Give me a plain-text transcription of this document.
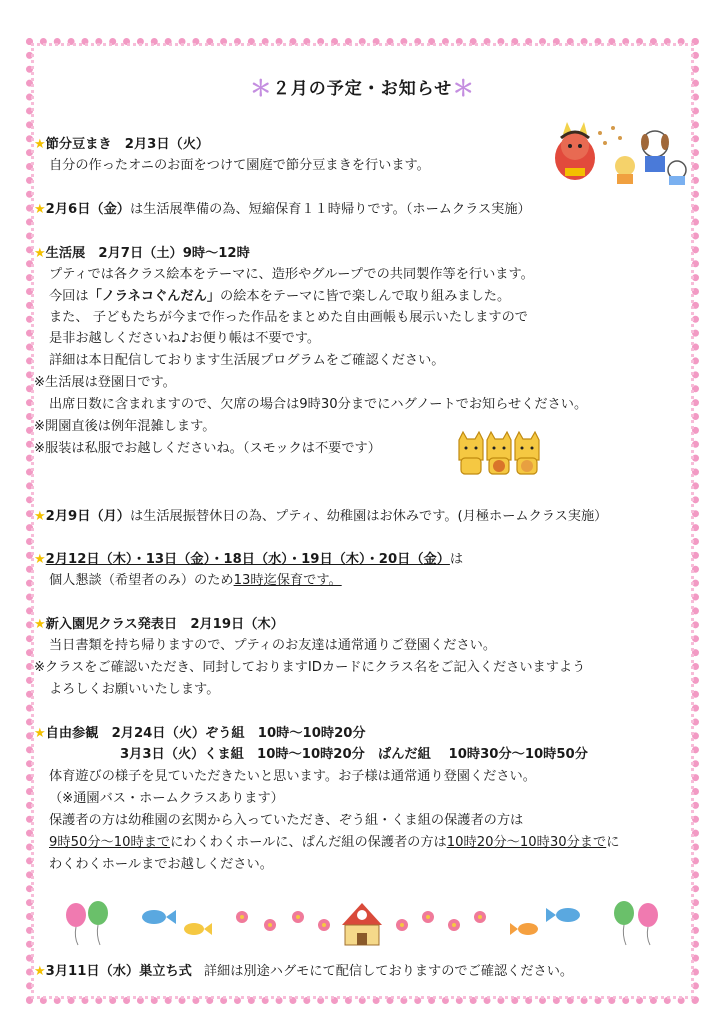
＊２月の予定・お知らせ＊
★節分豆まき　2月3日（火）
自分の作ったオニのお面をつけて園庭で節分豆まきを行います。
★2月6日（金）は生活展準備の為、短縮保育１１時帰りです。（ホームクラス実施）
★生活展　2月7日（土）9時〜12時
プティでは各クラス絵本をテーマに、造形やグループでの共同製作等を行います。
今回は「ノラネコぐんだん」の絵本をテーマに皆で楽しんで取り組みました。
また、 子どもたちが今まで作った作品をまとめた自由画帳も展示いたしますので
是非お越しくださいね♪お便り帳は不要です。
詳細は本日配信しております生活展プログラムをご確認ください。
※生活展は登園日です。
出席日数に含まれますので、欠席の場合は9時30分までにハグノートでお知らせください。
※開園直後は例年混雑します。
※服装は私服でお越しくださいね。（スモックは不要です）
★2月9日（月）は生活展振替休日の為、プティ、幼稚園はお休みです。(月極ホームクラス実施）
★2月12日（木）・13日（金）・18日（水）・19日（木）・20日（金）は
個人懇談（希望者のみ）のため13時迄保育です。
★新入園児クラス発表日　2月19日（木）
当日書類を持ち帰りますので、プティのお友達は通常通りご登園ください。
※クラスをご確認いただき、同封しておりますIDカードにクラス名をご記入くださいますよう
よろしくお願いいたします。
★自由参観　2月24日（火）ぞう組　10時〜10時20分
3月3日（火）くま組　10時〜10時20分　ぱんだ組　 10時30分〜10時50分
体育遊びの様子を見ていただきたいと思います。お子様は通常通り登園ください。
（※通園バス・ホームクラスあります）
保護者の方は幼稚園の玄関から入っていただき、ぞう組・くま組の保護者の方は
9時50分〜10時までにわくわくホールに、ぱんだ組の保護者の方は10時20分〜10時30分までに
わくわくホールまでお越しください。
★3月11日（水）巣立ち式 詳細は別途ハグモにて配信しておりますのでご確認ください。
